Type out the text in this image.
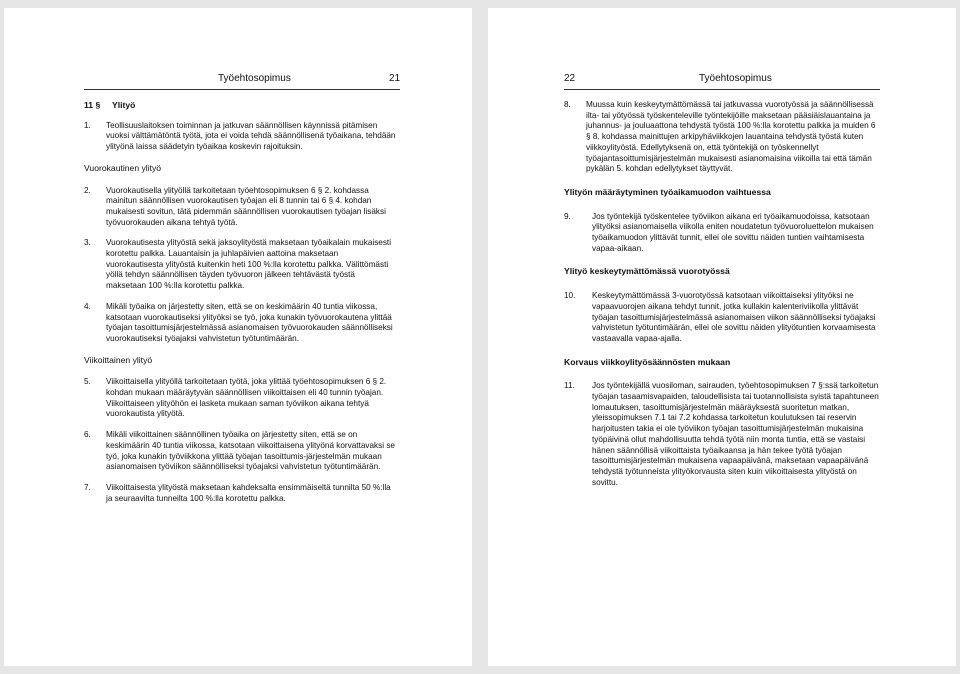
Työehtosopimus	21
11 §	Ylityö
1.	Teollisuuslaitoksen toiminnan ja jatkuvan säännöllisen käynnissä pitämisen vuoksi välttämätöntä työtä, jota ei voida tehdä säännöllisenä työaikana, tehdään ylityönä laissa säädetyin työaikaa koskevin rajoituksin.
Vuorokautinen ylityö
2.	Vuorokautisella ylityöllä tarkoitetaan työehtosopimuksen 6 § 2. kohdassa mainitun säännöllisen vuorokautisen työajan eli 8 tunnin tai 6 § 4. kohdan mukaisesti sovitun, tätä pidemmän säännöllisen vuorokautisen työajan lisäksi työvuorokauden aikana tehtyä työtä.
3.	Vuorokautisesta ylityöstä sekä jaksoylityöstä maksetaan työaikalain mukaisesti korotettu palkka. Lauantaisin ja juhlapäivien aattoina maksetaan vuorokautisesta ylityöstä kuitenkin heti 100 %:lla korotettu palkka. Välittömästi yöllä tehdyn säännöllisen täyden työvuoron jälkeen tehtävästä työstä maksetaan 100 %:lla korotettu palkka.
4.	Mikäli työaika on järjestetty siten, että se on keskimäärin 40 tuntia viikossa, katsotaan vuorokautiseksi ylityöksi se työ, joka kunakin työvuorokautena ylittää työajan tasoittumisjärjestelmässä asianomaisen työvuorokauden säännölliseksi vuorokautiseksi työajaksi vahvistetun työtuntimäärän.
Viikoittainen ylityö
5.	Viikoittaisella ylityöllä tarkoitetaan työtä, joka ylittää työehtosopimuksen 6 § 2. kohdan mukaan määräytyvän säännöllisen viikoittaisen eli 40 tunnin työajan. Viikoittaiseen ylityöhön ei lasketa mukaan saman työviikon aikana tehtyä vuorokautista ylityötä.
6.	Mikäli viikoittainen säännöllinen työaika on järjestetty siten, että se on keskimäärin 40 tuntia viikossa, katsotaan viikoittaisena ylityönä korvattavaksi se työ, joka kunakin työviikkona ylittää työajan tasoittumis-järjestelmän mukaan asianomaisen työviikon säännölliseksi työajaksi vahvistetun työtuntimäärän.
7.	Viikoittaisesta ylityöstä maksetaan kahdeksalta ensimmäiseltä tunnilta 50 %:lla ja seuraavilta tunneilta 100 %:lla korotettu palkka.
22	Työehtosopimus
8.	Muussa kuin keskeytymättömässä tai jatkuvassa vuorotyössä ja säännöllisessä ilta- tai yötyössä työskenteleville työntekijöille maksetaan pääsiäislauantaina ja juhannus- ja jouluaattona tehdystä työstä 100 %:lla korotettu palkka ja muiden 6 § 8. kohdassa mainittujen arkipyhäviikkojen lauantaina tehdystä työstä kuten viikkoylityöstä. Edellytyksenä on, että työntekijä on työskennellyt työajantasoittumisjärjestelmän mukaisesti asianomaisina viikoilla tai että tämän pykälän 5. kohdan edellytykset täyttyvät.
Ylityön määräytyminen työaikamuodon vaihtuessa
9.	Jos työntekijä työskentelee työviikon aikana eri työaikamuodoissa, katsotaan ylityöksi asianomaisella viikolla eniten noudatetun työvuoroluettelon mukaisen työaikamuodon ylittävät tunnit, ellei ole sovittu näiden tuntien vaihtamisesta vapaa-aikaan.
Ylityö keskeytymättömässä vuorotyössä
10.	Keskeytymättömässä 3-vuorotyössä katsotaan viikoittaiseksi ylityöksi ne vapaavuorojen aikana tehdyt tunnit, jotka kullakin kalenteriviikolla ylittävät työajan tasoittumisjärjestelmässä asianomaisen viikon säännölliseksi työajaksi vahvistetun työtuntimäärän, ellei ole sovittu näiden ylityötuntien korvaamisesta vastaavalla vapaa-ajalla.
Korvaus viikkoylityösäännösten mukaan
11.	Jos työntekijällä vuosiloman, sairauden, työehtosopimuksen 7 §:ssä tarkoitetun työajan tasaamisvapaiden, taloudellisista tai tuotannollisista syistä tapahtuneen lomautuksen, tasoittumisjärjestelmän määräyksestä suoritetun matkan, yleissopimuksen 7.1 tai 7.2 kohdassa tarkoitetun koulutuksen tai reservin harjoitusten takia ei ole työviikon työajan tasoittumisjärjestelmän mukaisina työpäivinä ollut mahdollisuutta tehdä työtä niin monta tuntia, että se vastaisi hänen säännöllisä viikoittaista työaikaansa ja hän tekee työtä työajan tasoittumisjärjestelmän mukaisena vapaapäivänä, maksetaan vapaapäivänä tehdystä työtunneista ylityökorvausta siten kuin viikoittaisesta ylityöstä on sovittu.
